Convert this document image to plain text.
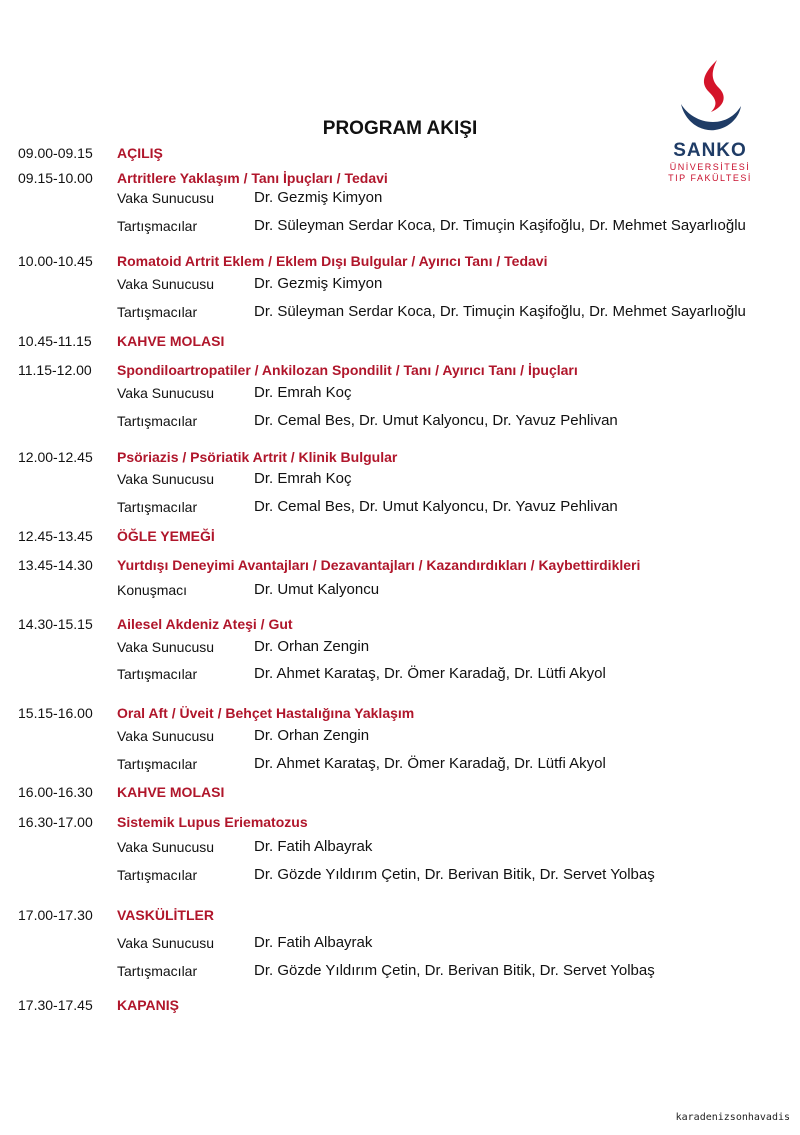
PROGRAM AKIŞI
SANKO
ÜNİVERSİTESİ
TIP FAKÜLTESİ
09.00-09.15 AÇILIŞ
09.15-10.00 Artritlere Yaklaşım / Tanı İpuçları / Tedavi
Vaka Sunucusu	Dr. Gezmiş Kimyon
Tartışmacılar	Dr. Süleyman Serdar Koca, Dr. Timuçin Kaşifoğlu, Dr. Mehmet Sayarlıoğlu
10.00-10.45 Romatoid Artrit Eklem / Eklem Dışı Bulgular / Ayırıcı Tanı / Tedavi
Vaka Sunucusu	Dr. Gezmiş Kimyon
Tartışmacılar	Dr. Süleyman Serdar Koca, Dr. Timuçin Kaşifoğlu, Dr. Mehmet Sayarlıoğlu
10.45-11.15 KAHVE MOLASI
11.15-12.00 Spondiloartropatiler / Ankilozan Spondilit / Tanı / Ayırıcı Tanı / İpuçları
Vaka Sunucusu	Dr. Emrah Koç
Tartışmacılar	Dr. Cemal Bes, Dr. Umut Kalyoncu, Dr. Yavuz Pehlivan
12.00-12.45 Psöriazis / Psöriatik Artrit / Klinik Bulgular
Vaka Sunucusu	Dr. Emrah Koç
Tartışmacılar	Dr. Cemal Bes, Dr. Umut Kalyoncu, Dr. Yavuz Pehlivan
12.45-13.45 ÖĞLE YEMEĞİ
13.45-14.30 Yurtdışı Deneyimi Avantajları / Dezavantajları / Kazandırdıkları / Kaybettirdikleri
Konuşmacı	Dr. Umut Kalyoncu
14.30-15.15 Ailesel Akdeniz Ateşi / Gut
Vaka Sunucusu	Dr. Orhan Zengin
Tartışmacılar	Dr. Ahmet Karataş, Dr. Ömer Karadağ, Dr. Lütfi Akyol
15.15-16.00 Oral Aft / Üveit / Behçet Hastalığına Yaklaşım
Vaka Sunucusu	Dr. Orhan Zengin
Tartışmacılar	Dr. Ahmet Karataş, Dr. Ömer Karadağ, Dr. Lütfi Akyol
16.00-16.30 KAHVE MOLASI
16.30-17.00 Sistemik Lupus Eriematozus
Vaka Sunucusu	Dr. Fatih Albayrak
Tartışmacılar	Dr. Gözde Yıldırım Çetin, Dr. Berivan Bitik, Dr. Servet Yolbaş
17.00-17.30 VASKÜLİTLER
Vaka Sunucusu	Dr. Fatih Albayrak
Tartışmacılar	Dr. Gözde Yıldırım Çetin, Dr. Berivan Bitik, Dr. Servet Yolbaş
17.30-17.45 KAPANIŞ
karadenizsonhavadis
